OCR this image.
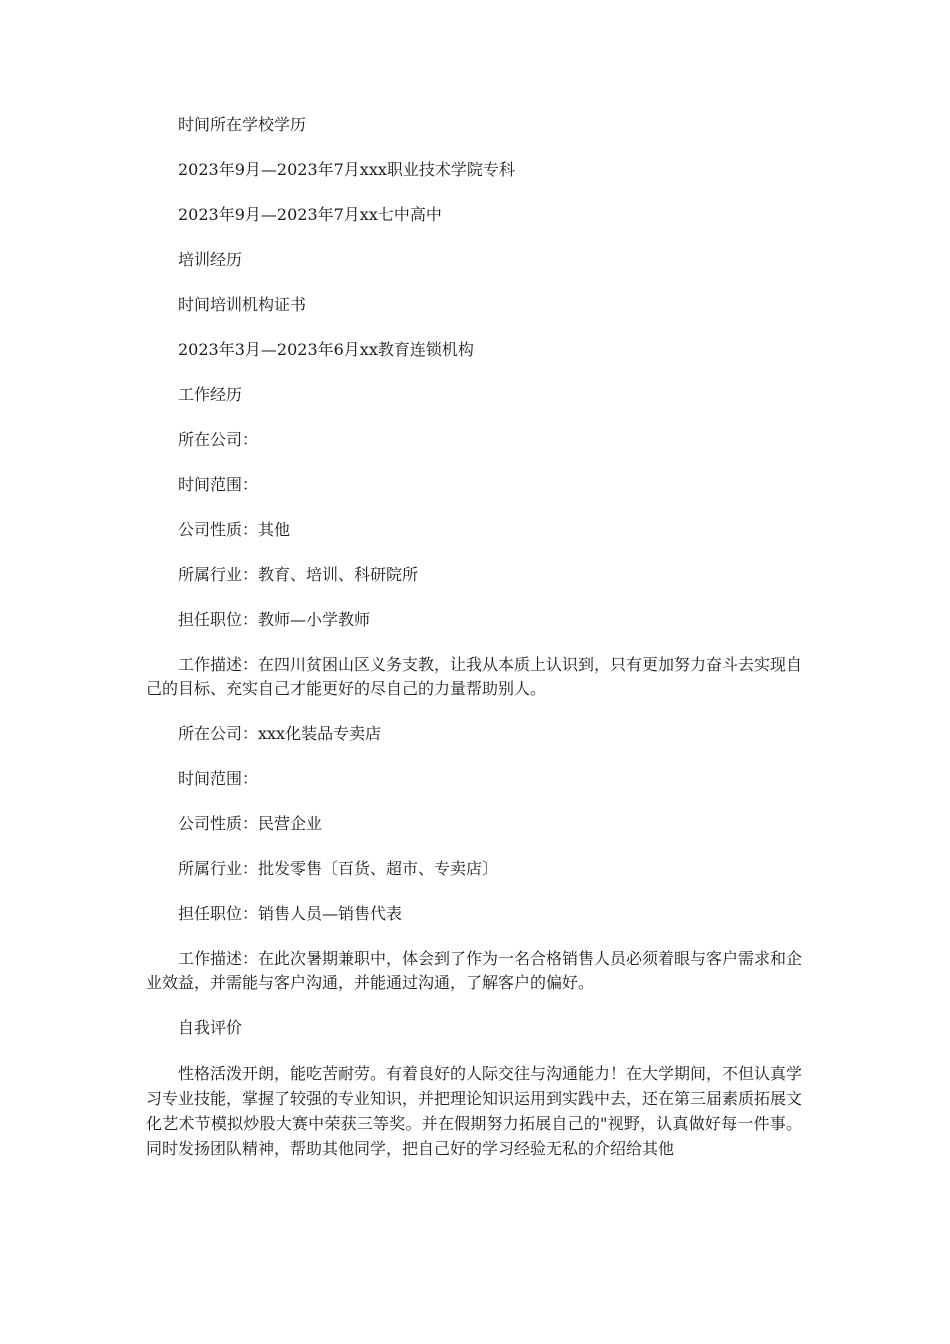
时间所在学校学历
2023年9月—2023年7月xxx职业技术学院专科
2023年9月—2023年7月xx七中高中
培训经历
时间培训机构证书
2023年3月—2023年6月xx教育连锁机构
工作经历
所在公司：
时间范围：
公司性质：其他
所属行业：教育、培训、科研院所
担任职位：教师—小学教师
工作描述：在四川贫困山区义务支教，让我从本质上认识到，只有更加努力奋斗去实现自己的目标、充实自己才能更好的尽自己的力量帮助别人。
所在公司：xxx化装品专卖店
时间范围：
公司性质：民营企业
所属行业：批发零售〔百货、超市、专卖店〕
担任职位：销售人员—销售代表
工作描述：在此次暑期兼职中，体会到了作为一名合格销售人员必须着眼与客户需求和企业效益，并需能与客户沟通，并能通过沟通，了解客户的偏好。
自我评价
性格活泼开朗，能吃苦耐劳。有着良好的人际交往与沟通能力！在大学期间，不但认真学习专业技能，掌握了较强的专业知识，并把理论知识运用到实践中去，还在第三届素质拓展文化艺术节模拟炒股大赛中荣获三等奖。并在假期努力拓展自己的"视野，认真做好每一件事。同时发扬团队精神，帮助其他同学，把自己好的学习经验无私的介绍给其他
